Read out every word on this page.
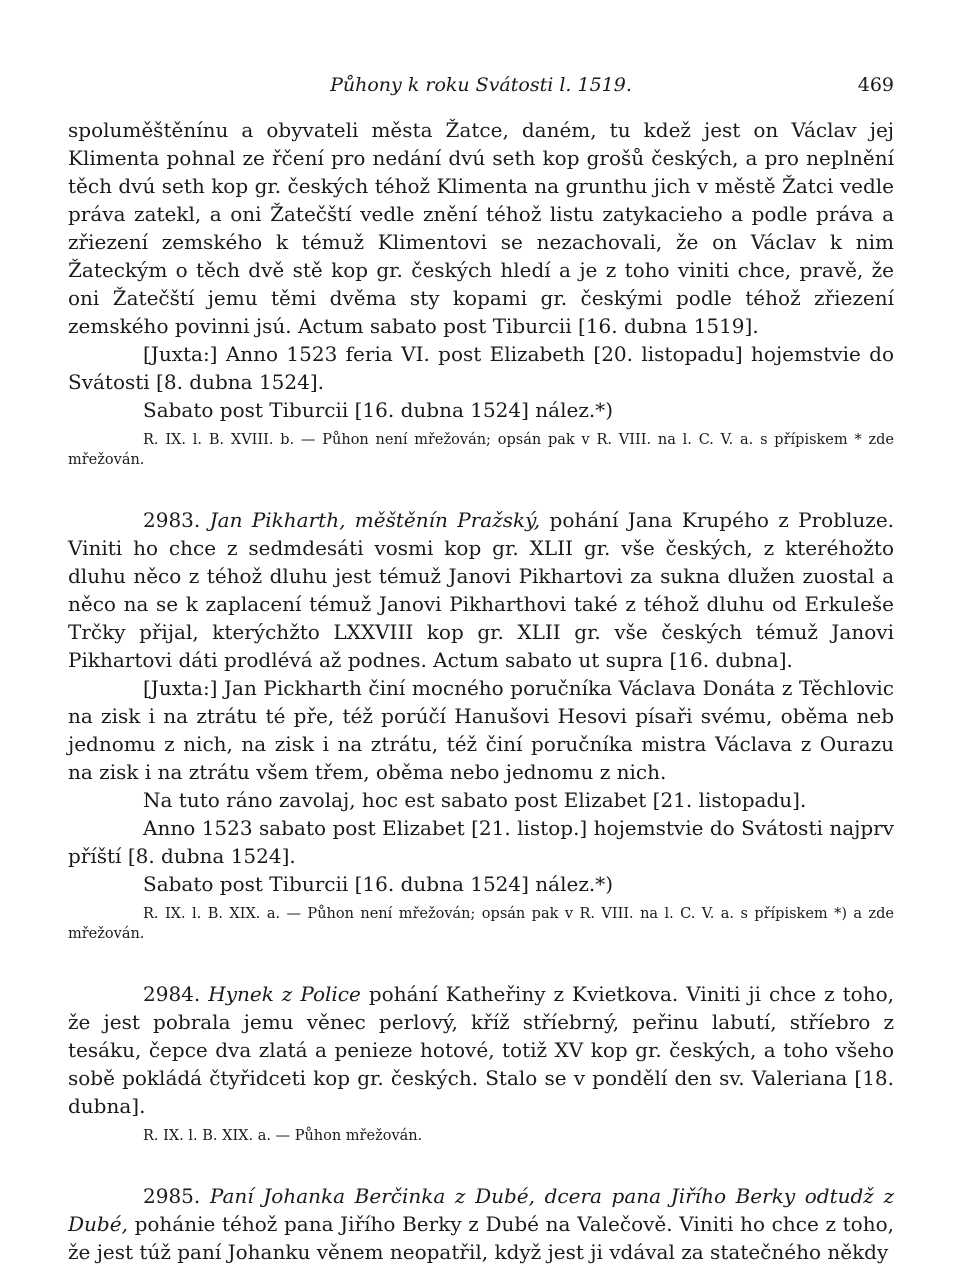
Půhony k roku Svátosti l. 1519.	469

spoluměštěnínu a obyvateli města Žatce, daném, tu kdež jest on Václav jej Klimenta pohnal ze řčení pro nedání dvú seth kop grošů českých, a pro neplnění těch dvú seth kop gr. českých téhož Klimenta na grunthu jich v městě Žatci vedle práva zatekl, a oni Žatečští vedle znění téhož listu zatykacieho a podle práva a zřiezení zemského k témuž Klimentovi se nezachovali, že on Václav k nim Žateckým o těch dvě stě kop gr. českých hledí a je z toho viniti chce, pravě, že oni Žatečští jemu těmi dvěma sty kopami gr. českými podle téhož zřiezení zemského povinni jsú. Actum sabato post Tiburcii [16. dubna 1519].

[Juxta:] Anno 1523 feria VI. post Elizabeth [20. listopadu] hojemstvie do Svátosti [8. dubna 1524].

Sabato post Tiburcii [16. dubna 1524] nález.*)

R. IX. l. B. XVIII. b. — Půhon není mřežován; opsán pak v R. VIII. na l. C. V. a. s přípiskem * zde mřežován.

2983. Jan Pikharth, měštěnín Pražský, pohání Jana Krupého z Probluze. Viniti ho chce z sedmdesáti vosmi kop gr. XLII gr. vše českých, z kteréhožto dluhu něco z téhož dluhu jest témuž Janovi Pikhartovi za sukna dlužen zuostal a něco na se k zaplacení témuž Janovi Pikharthovi také z téhož dluhu od Erkuleše Trčky přijal, kterýchžto LXXVIII kop gr. XLII gr. vše českých témuž Janovi Pikhartovi dáti prodlévá až podnes. Actum sabato ut supra [16. dubna].

[Juxta:] Jan Pickharth činí mocného poručníka Václava Donáta z Těchlovic na zisk i na ztrátu té pře, též porúčí Hanušovi Hesovi písaři svému, oběma neb jednomu z nich, na zisk i na ztrátu, též činí poručníka mistra Václava z Ourazu na zisk i na ztrátu všem třem, oběma nebo jednomu z nich.

Na tuto ráno zavolaj, hoc est sabato post Elizabet [21. listopadu].

Anno 1523 sabato post Elizabet [21. listop.] hojemstvie do Svátosti najprv příští [8. dubna 1524].

Sabato post Tiburcii [16. dubna 1524] nález.*)

R. IX. l. B. XIX. a. — Půhon není mřežován; opsán pak v R. VIII. na l. C. V. a. s přípiskem *) a zde mřežován.

2984. Hynek z Police pohání Katheřiny z Kvietkova. Viniti ji chce z toho, že jest pobrala jemu věnec perlový, kříž stříebrný, peřinu labutí, stříebro z tesáku, čepce dva zlatá a penieze hotové, totiž XV kop gr. českých, a toho všeho sobě pokládá čtyřidceti kop gr. českých. Stalo se v pondělí den sv. Valeriana [18. dubna].

R. IX. l. B. XIX. a. — Půhon mřežován.

2985. Paní Johanka Berčinka z Dubé, dcera pana Jiřího Berky odtudž z Dubé, pohánie téhož pana Jiřího Berky z Dubé na Valečově. Viniti ho chce z toho, že jest túž paní Johanku věnem neopatřil, když jest ji vdával za statečného někdy
